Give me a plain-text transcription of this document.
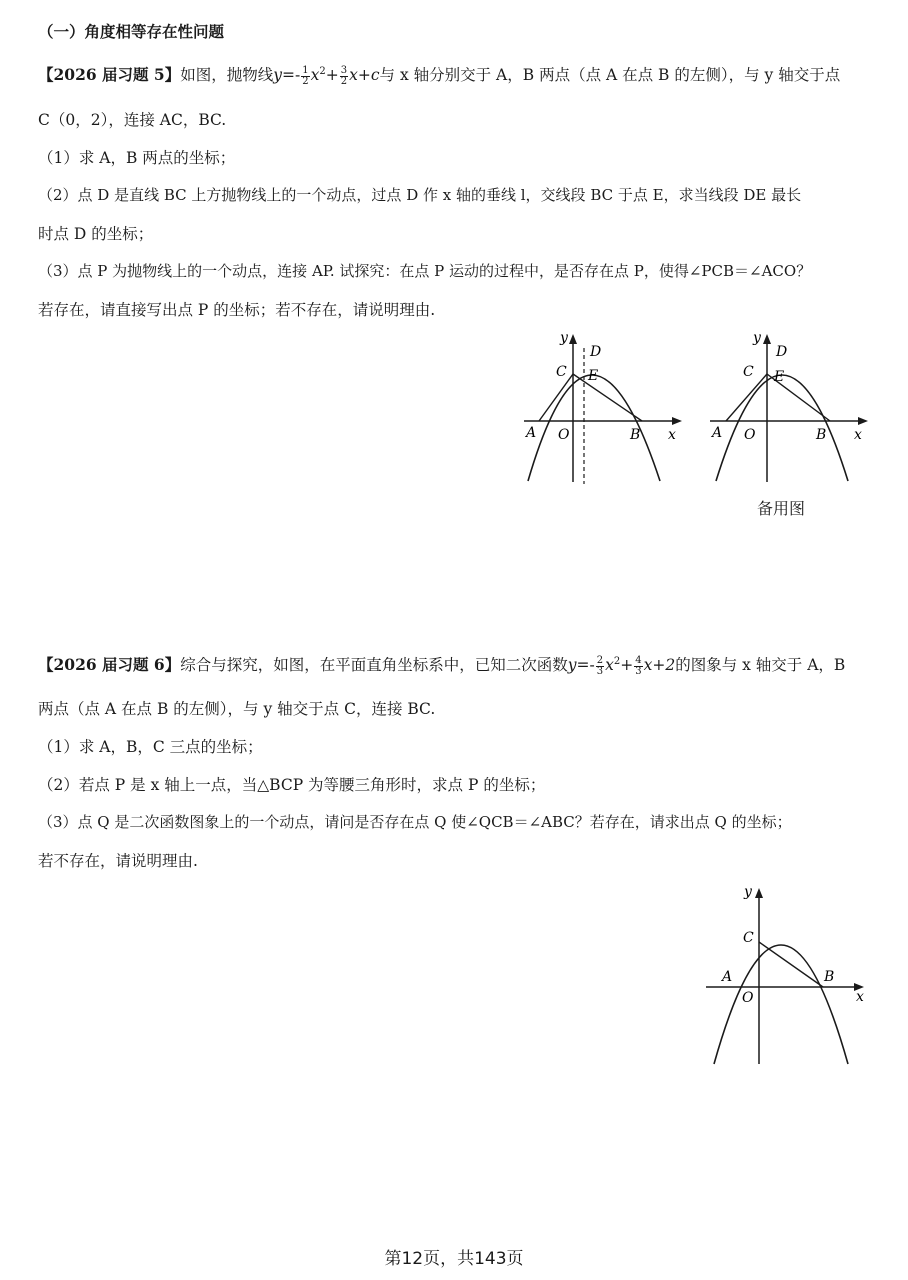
（一）角度相等存在性问题
【2026 届习题 5】如图，抛物线$y=- \frac{1}{2} x^2+ \frac{3}{2} x+c$与 x 轴分别交于 A，B 两点（点 A 在点 B 的左侧），与 y 轴交于点
C（0，2），连接 AC，BC.
（1）求 A，B 两点的坐标；
（2）点 D 是直线 BC 上方抛物线上的一个动点，过点 D 作 x 轴的垂线 l，交线段 BC 于点 E，求当线段 DE 最长
时点 D 的坐标；
（3）点 P 为抛物线上的一个动点，连接 AP. 试探究：在点 P 运动的过程中，是否存在点 P，使得∠PCB＝∠ACO？
若存在，请直接写出点 P 的坐标；若不存在，请说明理由.
y
x
A O	B
C
D
E
y
x
A O	B
C
D
E
备用图
【2026 届习题 6】综合与探究，如图，在平面直角坐标系中，已知二次函数$y=- \frac{2}{3} x^2+ \frac{4}{3} x+2$的图象与 x 轴交于 A，B
两点（点 A 在点 B 的左侧），与 y 轴交于点 C，连接 BC.
（1）求 A，B，C 三点的坐标；
（2）若点 P 是 x 轴上一点，当△BCP 为等腰三角形时，求点 P 的坐标；
（3）点 Q 是二次函数图象上的一个动点，请问是否存在点 Q 使∠QCB＝∠ABC？若存在，请求出点 Q 的坐标；
若不存在，请说明理由.
y
x
A
O
B
C
第12页，共143页
